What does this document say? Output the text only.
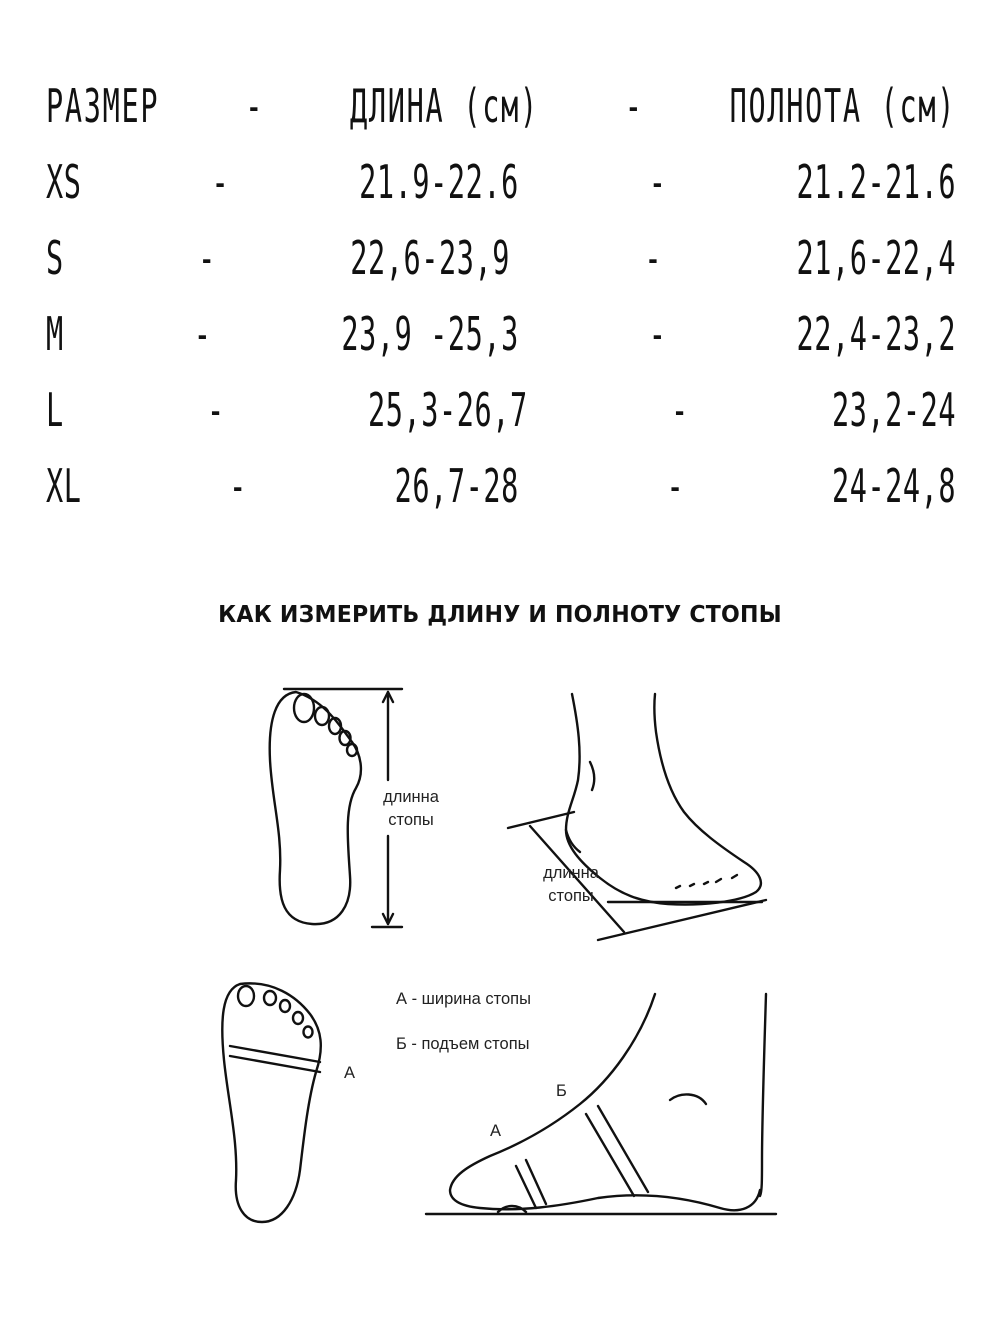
РАЗМЕР - ДЛИНА (см) - ПОЛНОТА (см)
XS	-	21.9-22.6	-	21.2-21.6
S	-	22,6-23,9	-	21,6-22,4
M	-	23,9 -25,3	-	22,4-23,2
L	-	25,3-26,7	-	23,2-24
XL	-	26,7-28	-	24-24,8
КАК ИЗМЕРИТЬ ДЛИНУ И ПОЛНОТУ СТОПЫ
длинна
стопы
длинна
стопы
А - ширина стопы
Б - подъем стопы
А
Б
А
